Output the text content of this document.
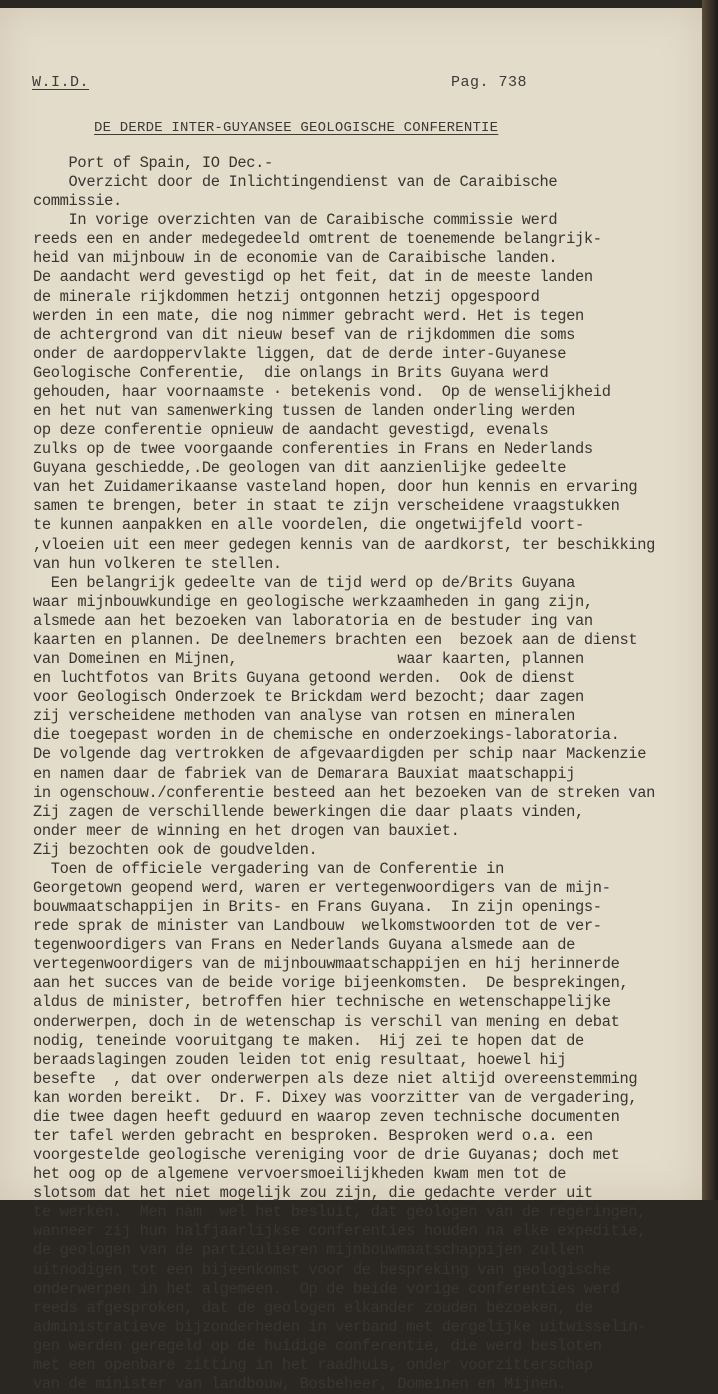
W.I.D.	Pag. 738
DE DERDE INTER-GUYANSEE GEOLOGISCHE CONFERENTIE
Port of Spain, IO Dec.-
Overzicht door de Inlichtingendienst van de Caraibische
commissie.
In vorige overzichten van de Caraibische commissie werd
reeds een en ander medegedeeld omtrent de toenemende belangrijk-
heid van mijnbouw in de economie van de Caraibische landen.
De aandacht werd gevestigd op het feit, dat in de meeste landen
de minerale rijkdommen hetzij ontgonnen hetzij opgespoord
werden in een mate, die nog nimmer gebracht werd. Het is tegen
de achtergrond van dit nieuw besef van de rijkdommen die soms
onder de aardoppervlakte liggen, dat de derde inter-Guyanese
Geologische Conferentie,  die onlangs in Brits Guyana werd
gehouden, haar voornaamste · betekenis vond.  Op de wenselijkheid
en het nut van samenwerking tussen de landen onderling werden
op deze conferentie opnieuw de aandacht gevestigd, evenals
zulks op de twee voorgaande conferenties in Frans en Nederlands
Guyana geschiedde,.De geologen van dit aanzienlijke gedeelte
van het Zuidamerikaanse vasteland hopen, door hun kennis en ervaring
samen te brengen, beter in staat te zijn verscheidene vraagstukken
te kunnen aanpakken en alle voordelen, die ongetwijfeld voort-
,vloeien uit een meer gedegen kennis van de aardkorst, ter beschikking
van hun volkeren te stellen.
Een belangrijk gedeelte van de tijd werd op de/Brits Guyana
waar mijnbouwkundige en geologische werkzaamheden in gang zijn,
alsmede aan het bezoeken van laboratoria en de bestuder ing van
kaarten en plannen. De deelnemers brachten een  bezoek aan de dienst
van Domeinen en Mijnen,                  waar kaarten, plannen
en luchtfotos van Brits Guyana getoond werden.  Ook de dienst
voor Geologisch Onderzoek te Brickdam werd bezocht; daar zagen
zij verscheidene methoden van analyse van rotsen en mineralen
die toegepast worden in de chemische en onderzoekings-laboratoria.
De volgende dag vertrokken de afgevaardigden per schip naar Mackenzie
en namen daar de fabriek van de Demarara Bauxiat maatschappij
in ogenschouw./conferentie besteed aan het bezoeken van de streken van
Zij zagen de verschillende bewerkingen die daar plaats vinden,
onder meer de winning en het drogen van bauxiet.
Zij bezochten ook de goudvelden.
Toen de officiele vergadering van de Conferentie in
Georgetown geopend werd, waren er vertegenwoordigers van de mijn-
bouwmaatschappijen in Brits- en Frans Guyana.  In zijn openings-
rede sprak de minister van Landbouw  welkomstwoorden tot de ver-
tegenwoordigers van Frans en Nederlands Guyana alsmede aan de
vertegenwoordigers van de mijnbouwmaatschappijen en hij herinnerde
aan het succes van de beide vorige bijeenkomsten.  De besprekingen,
aldus de minister, betroffen hier technische en wetenschappelijke
onderwerpen, doch in de wetenschap is verschil van mening en debat
nodig, teneinde vooruitgang te maken.  Hij zei te hopen dat de
beraadslagingen zouden leiden tot enig resultaat, hoewel hij
besefte  , dat over onderwerpen als deze niet altijd overeenstemming
kan worden bereikt.  Dr. F. Dixey was voorzitter van de vergadering,
die twee dagen heeft geduurd en waarop zeven technische documenten
ter tafel werden gebracht en besproken. Besproken werd o.a. een
voorgestelde geologische vereniging voor de drie Guyanas; doch met
het oog op de algemene vervoersmoeilijkheden kwam men tot de
slotsom dat het niet mogelijk zou zijn, die gedachte verder uit
te werken.  Men nam  wel het besluit, dat geologen van de regeringen,
wanneer zij hun halfjaarlijkse conferenties houden na elke expeditie,
de geologen van de particulieren mijnbouwmaatschappijen zullen
uitnodigen tot een bijeenkomst voor de bespreking van geologische
onderwerpen in het algemeen.  Op de beide vorige conferenties werd
reeds afgesproken, dat de geologen elkander zouden bezoeken, de
administratieve bijzonderheden in verband met dergelijke uitwisselin-
gen werden geregeld op de huidige conferentie, die werd besloten
met een openbare zitting in het raadhuis, onder voorzitterschap
van de minister van landbouw, Bosbeheer, Domeinen en Mijnen.
